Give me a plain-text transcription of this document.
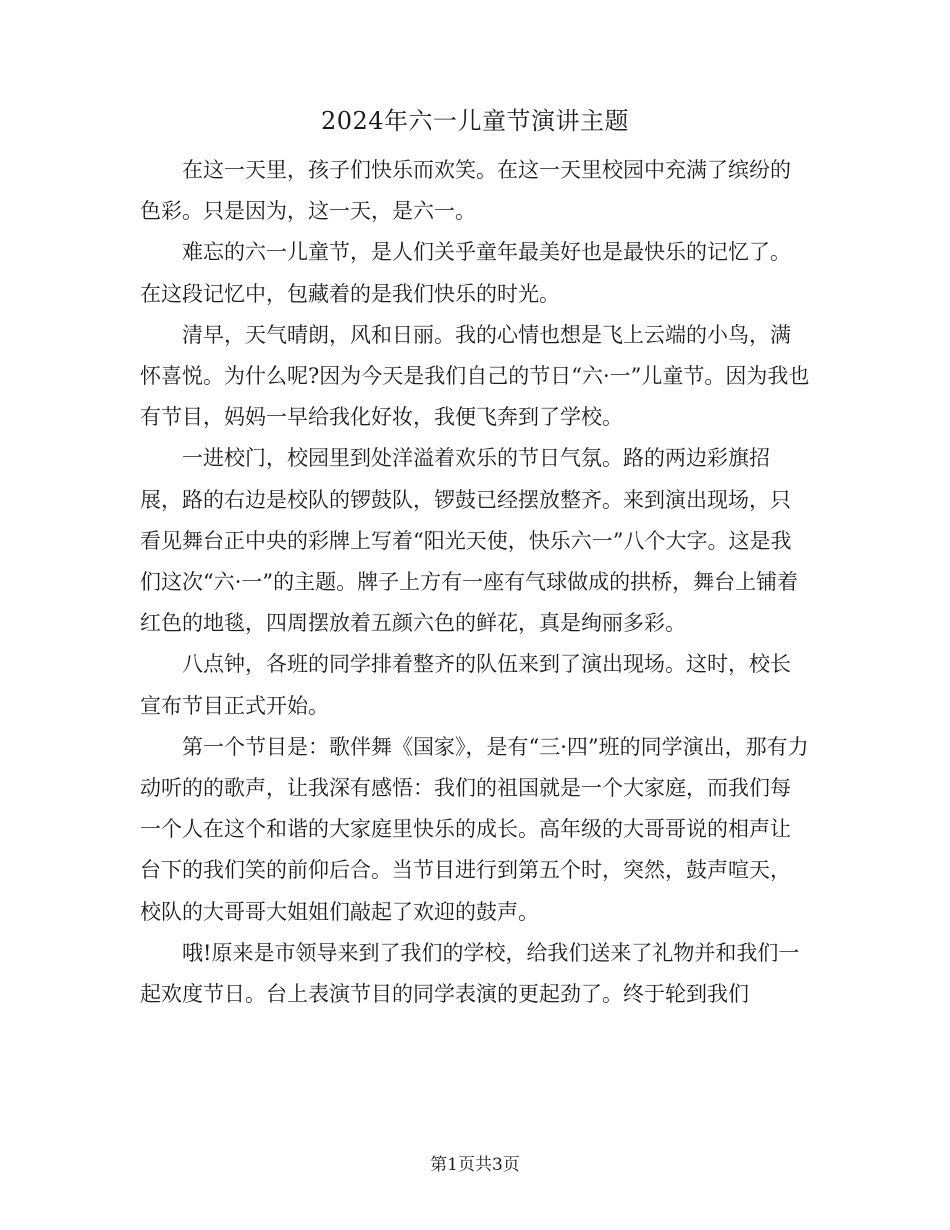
2024年六一儿童节演讲主题

在这一天里，孩子们快乐而欢笑。在这一天里校园中充满了缤纷的色彩。只是因为，这一天，是六一。

难忘的六一儿童节，是人们关乎童年最美好也是最快乐的记忆了。在这段记忆中，包藏着的是我们快乐的时光。

清早，天气晴朗，风和日丽。我的心情也想是飞上云端的小鸟，满怀喜悦。为什么呢?因为今天是我们自己的节日“六·一”儿童节。因为我也有节目，妈妈一早给我化好妆，我便飞奔到了学校。

一进校门，校园里到处洋溢着欢乐的节日气氛。路的两边彩旗招展，路的右边是校队的锣鼓队，锣鼓已经摆放整齐。来到演出现场，只看见舞台正中央的彩牌上写着“阳光天使，快乐六一”八个大字。这是我们这次“六·一”的主题。牌子上方有一座有气球做成的拱桥，舞台上铺着红色的地毯，四周摆放着五颜六色的鲜花，真是绚丽多彩。

八点钟，各班的同学排着整齐的队伍来到了演出现场。这时，校长宣布节目正式开始。

第一个节目是：歌伴舞《国家》，是有“三·四”班的同学演出，那有力动听的的歌声，让我深有感悟：我们的祖国就是一个大家庭，而我们每一个人在这个和谐的大家庭里快乐的成长。高年级的大哥哥说的相声让台下的我们笑的前仰后合。当节目进行到第五个时，突然，鼓声喧天，校队的大哥哥大姐姐们敲起了欢迎的鼓声。

哦!原来是市领导来到了我们的学校，给我们送来了礼物并和我们一起欢度节日。台上表演节目的同学表演的更起劲了。终于轮到我们

第1页共3页
